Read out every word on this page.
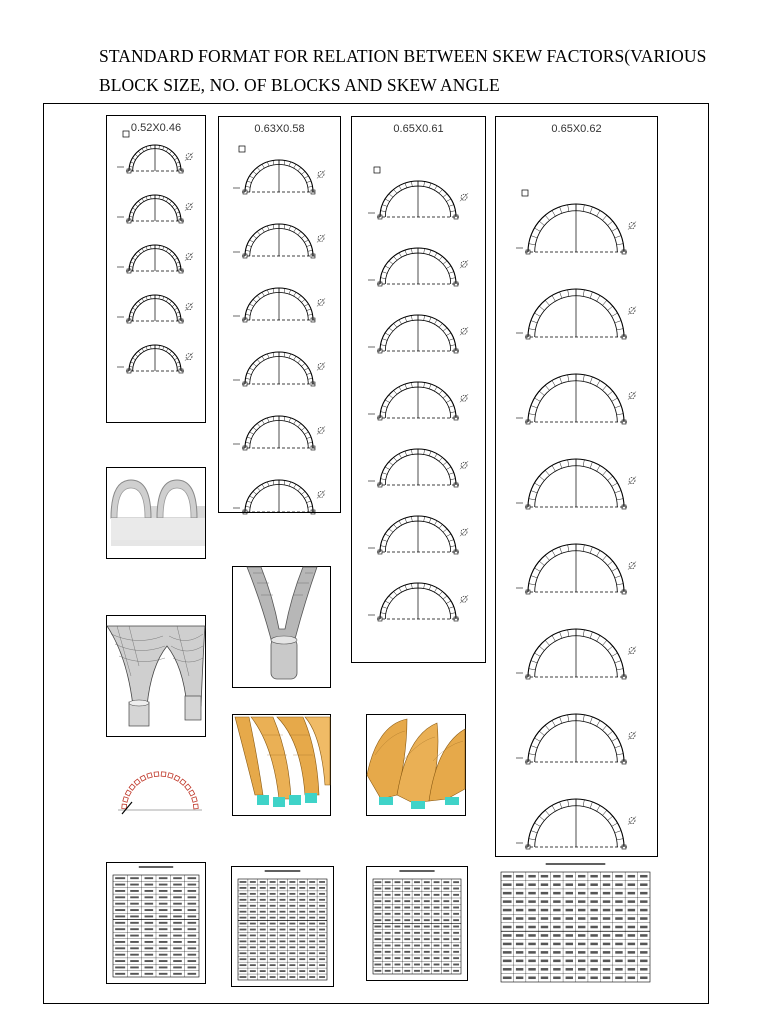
STANDARD FORMAT FOR RELATION BETWEEN SKEW FACTORS(VARIOUS BLOCK SIZE, NO. OF BLOCKS AND SKEW ANGLE
0.52X0.46	0.63X0.58	0.65X0.61	0.65X0.62
